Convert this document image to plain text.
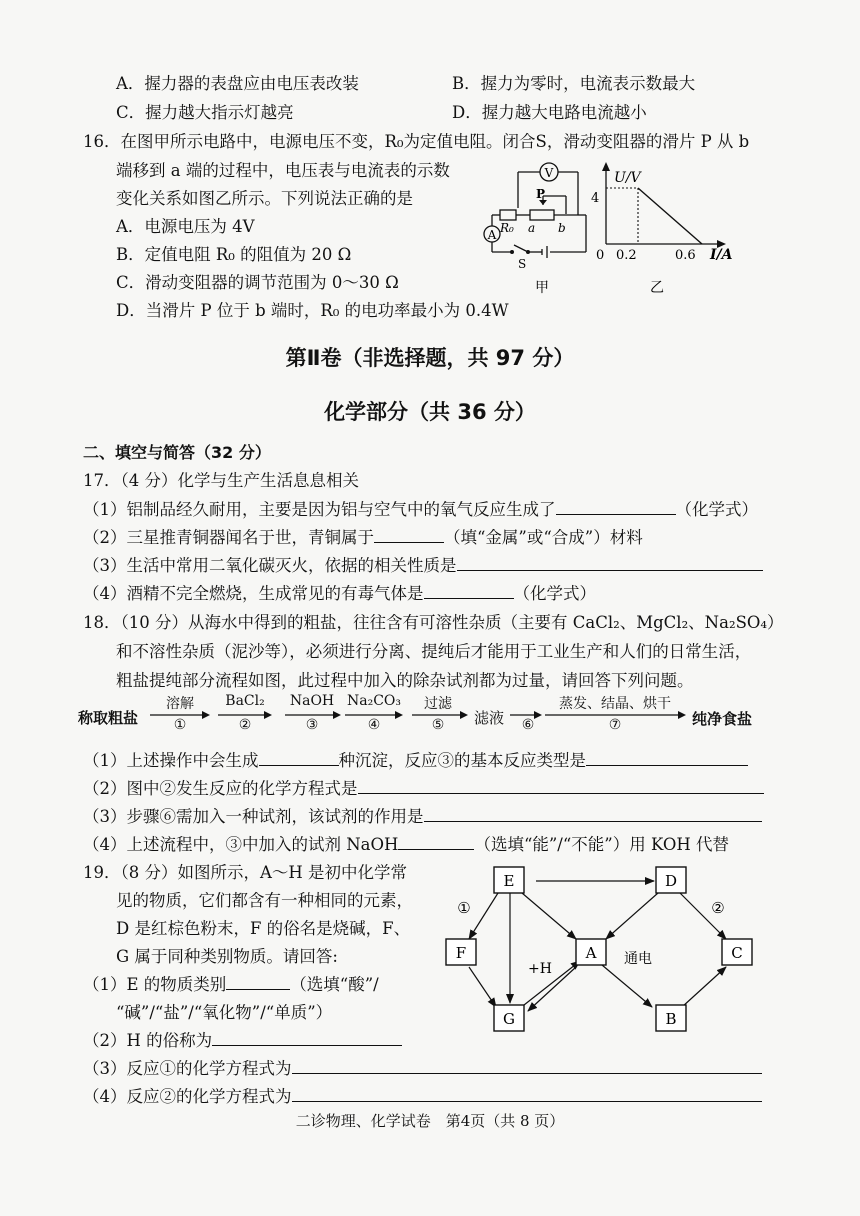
A．握力器的表盘应由电压表改装	B．握力为零时，电流表示数最大
C．握力越大指示灯越亮	D．握力越大电路电流越小
16．在图甲所示电路中，电源电压不变，R₀为定值电阻。闭合S，滑动变阻器的滑片 P 从 b
端移到 a 端的过程中，电压表与电流表的示数
变化关系如图乙所示。下列说法正确的是
A．电源电压为 4V
B．定值电阻 R₀ 的阻值为 20 Ω
C．滑动变阻器的调节范围为 0～30 Ω
D．当滑片 P 位于 b 端时，R₀ 的电功率最小为 0.4W
V
A
P
R₀ a b
S
甲
U/V
4
0 0.2	0.6 I/A
乙
第Ⅱ卷（非选择题，共 97 分）
化学部分（共 36 分）
二、填空与简答（32 分）
17．（4 分）化学与生产生活息息相关
（1）铝制品经久耐用，主要是因为铝与空气中的氧气反应生成了	（化学式）
（2）三星推青铜器闻名于世，青铜属于	（填“金属”或“合成”）材料
（3）生活中常用二氧化碳灭火，依据的相关性质是
（4）酒精不完全燃烧，生成常见的有毒气体是	（化学式）
18．（10 分）从海水中得到的粗盐，往往含有可溶性杂质（主要有 CaCl₂、MgCl₂、Na₂SO₄）
和不溶性杂质（泥沙等），必须进行分离、提纯后才能用于工业生产和人们的日常生活，
粗盐提纯部分流程如图，此过程中加入的除杂试剂都为过量，请回答下列问题。
称取粗盐
溶解
①
BaCl₂
②
NaOH
③
Na₂CO₃
④
过滤
⑤	滤液	⑥
蒸发、结晶、烘干
⑦	纯净食盐
（1）上述操作中会生成	种沉淀，反应③的基本反应类型是
（2）图中②发生反应的化学方程式是
（3）步骤⑥需加入一种试剂，该试剂的作用是
（4）上述流程中，③中加入的试剂 NaOH	（选填“能”/“不能”）用 KOH 代替
19．（8 分）如图所示，A～H 是初中化学常
见的物质，它们都含有一种相同的元素，
D 是红棕色粉末，F 的俗名是烧碱，F、
G 属于同种类别物质。请回答:
（1）E 的物质类别	（选填“酸”/
“碱”/“盐”/“氧化物”/“单质”）
（2）H 的俗称为
（3）反应①的化学方程式为
（4）反应②的化学方程式为
E	D
F	A	C
G	B
①	②
+H
通电
二诊物理、化学试卷　第4页（共 8 页）
